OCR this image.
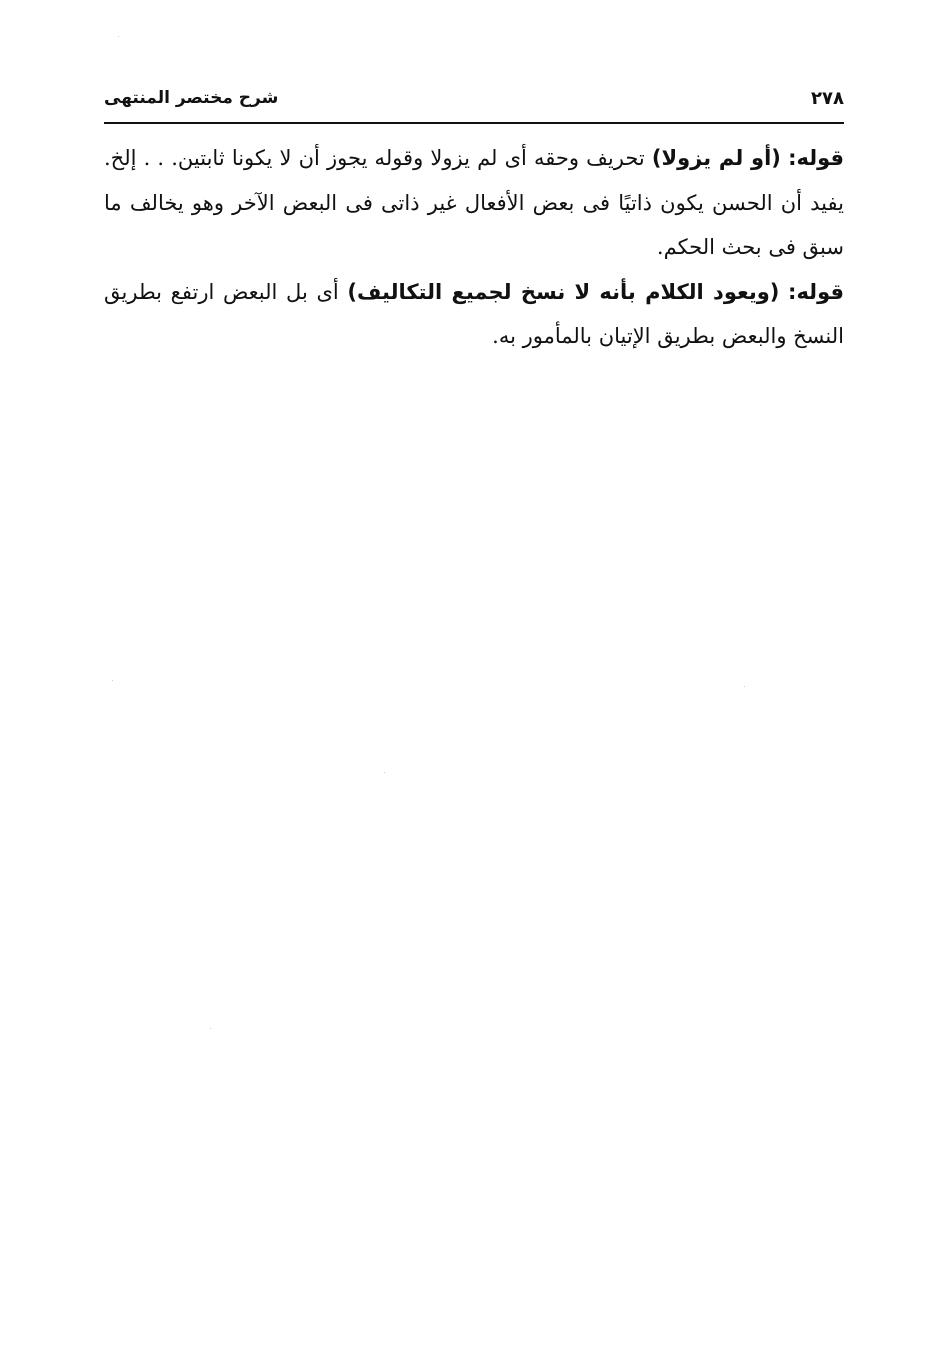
شرح مختصر المنتهى	٢٧٨

قوله: (أو لم يزولا) تحريف وحقه أى لم يزولا وقوله يجوز أن لا يكونا ثابتين. . . إلخ. يفيد أن الحسن يكون ذاتيًا فى بعض الأفعال غير ذاتى فى البعض الآخر وهو يخالف ما سبق فى بحث الحكم.

قوله: (ويعود الكلام بأنه لا نسخ لجميع التكاليف) أى بل البعض ارتفع بطريق النسخ والبعض بطريق الإتيان بالمأمور به.
